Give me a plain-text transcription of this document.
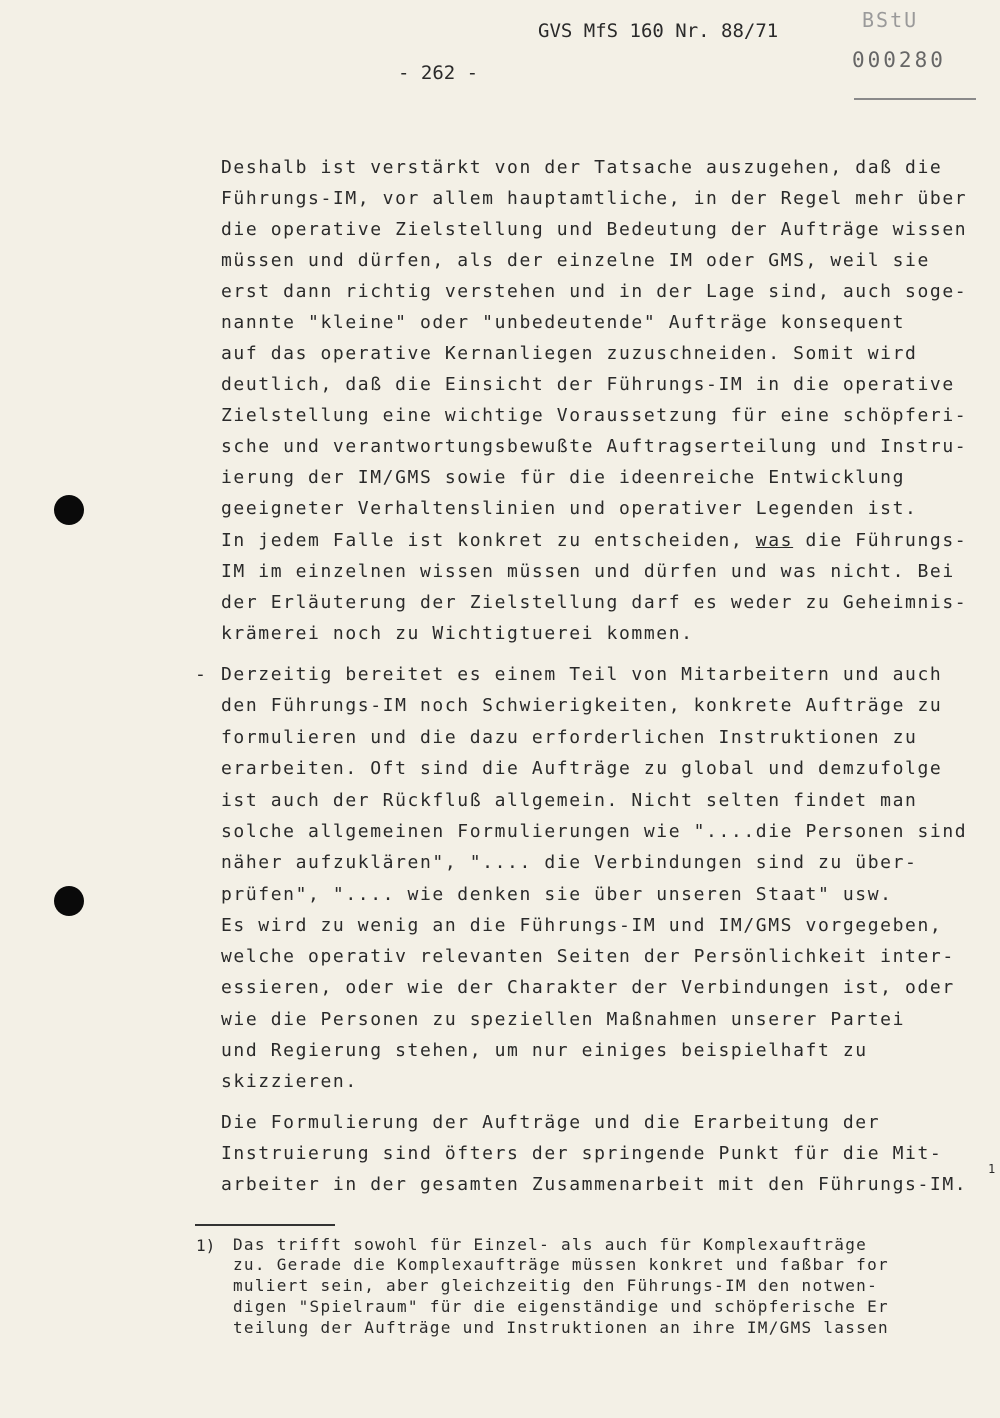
GVS MfS 160 Nr. 88/71
- 262 -
BStU
000280
Deshalb ist verstärkt von der Tatsache auszugehen, daß die
Führungs-IM, vor allem hauptamtliche, in der Regel mehr über
die operative Zielstellung und Bedeutung der Aufträge wissen
müssen und dürfen, als der einzelne IM oder GMS, weil sie
erst dann richtig verstehen und in der Lage sind, auch soge-
nannte "kleine" oder "unbedeutende" Aufträge konsequent
auf das operative Kernanliegen zuzuschneiden. Somit wird
deutlich, daß die Einsicht der Führungs-IM in die operative
Zielstellung eine wichtige Voraussetzung für eine schöpferi-
sche und verantwortungsbewußte Auftragserteilung und Instru-
ierung der IM/GMS sowie für die ideenreiche Entwicklung
geeigneter Verhaltenslinien und operativer Legenden ist.
In jedem Falle ist konkret zu entscheiden, was die Führungs-
IM im einzelnen wissen müssen und dürfen und was nicht. Bei
der Erläuterung der Zielstellung darf es weder zu Geheimnis-
krämerei noch zu Wichtigtuerei kommen.
- Derzeitig bereitet es einem Teil von Mitarbeitern und auch
den Führungs-IM noch Schwierigkeiten, konkrete Aufträge zu
formulieren und die dazu erforderlichen Instruktionen zu
erarbeiten. Oft sind die Aufträge zu global und demzufolge
ist auch der Rückfluß allgemein. Nicht selten findet man
solche allgemeinen Formulierungen wie "....die Personen sind
näher aufzuklären", ".... die Verbindungen sind zu über-
prüfen", ".... wie denken sie über unseren Staat" usw.
Es wird zu wenig an die Führungs-IM und IM/GMS vorgegeben,
welche operativ relevanten Seiten der Persönlichkeit inter-
essieren, oder wie der Charakter der Verbindungen ist, oder
wie die Personen zu speziellen Maßnahmen unserer Partei
und Regierung stehen, um nur einiges beispielhaft zu
skizzieren.
Die Formulierung der Aufträge und die Erarbeitung der
Instruierung sind öfters der springende Punkt für die Mit-
arbeiter in der gesamten Zusammenarbeit mit den Führungs-IM.
1
1) Das trifft sowohl für Einzel- als auch für Komplexaufträge
zu. Gerade die Komplexaufträge müssen konkret und faßbar for
muliert sein, aber gleichzeitig den Führungs-IM den notwen-
digen "Spielraum" für die eigenständige und schöpferische Er
teilung der Aufträge und Instruktionen an ihre IM/GMS lassen
